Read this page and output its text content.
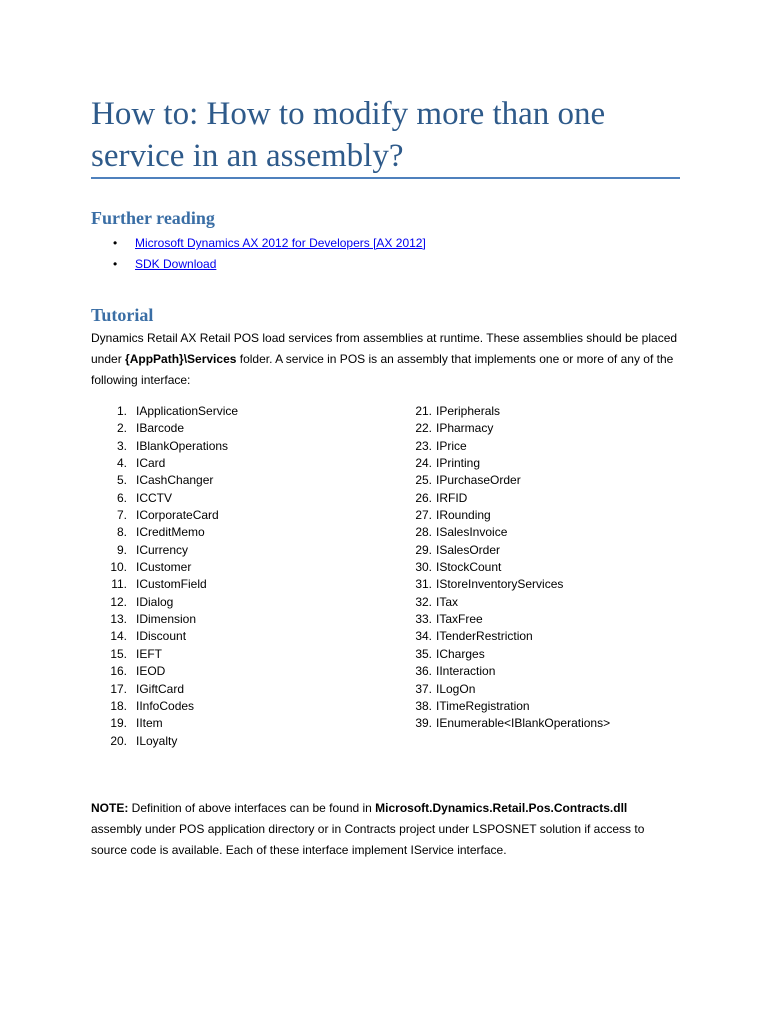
How to: How to modify more than one service in an assembly?
Further reading
• Microsoft Dynamics AX 2012 for Developers [AX 2012]
• SDK Download
Tutorial

Dynamics Retail AX Retail POS load services from assemblies at runtime. These assemblies should be placed under {AppPath}\Services folder. A service in POS is an assembly that implements one or more of any of the following interface:

1. IApplicationService
2. IBarcode
3. IBlankOperations
4. ICard
5. ICashChanger
6. ICCTV
7. ICorporateCard
8. ICreditMemo
9. ICurrency
10. ICustomer
11. ICustomField
12. IDialog
13. IDimension
14. IDiscount
15. IEFT
16. IEOD
17. IGiftCard
18. IInfoCodes
19. IItem
20. ILoyalty
21. IPeripherals
22. IPharmacy
23. IPrice
24. IPrinting
25. IPurchaseOrder
26. IRFID
27. IRounding
28. ISalesInvoice
29. ISalesOrder
30. IStockCount
31. IStoreInventoryServices
32. ITax
33. ITaxFree
34. ITenderRestriction
35. ICharges
36. IInteraction
37. ILogOn
38. ITimeRegistration
39. IEnumerable<IBlankOperations>

NOTE: Definition of above interfaces can be found in Microsoft.Dynamics.Retail.Pos.Contracts.dll assembly under POS application directory or in Contracts project under LSPOSNET solution if access to source code is available. Each of these interface implement IService interface.
